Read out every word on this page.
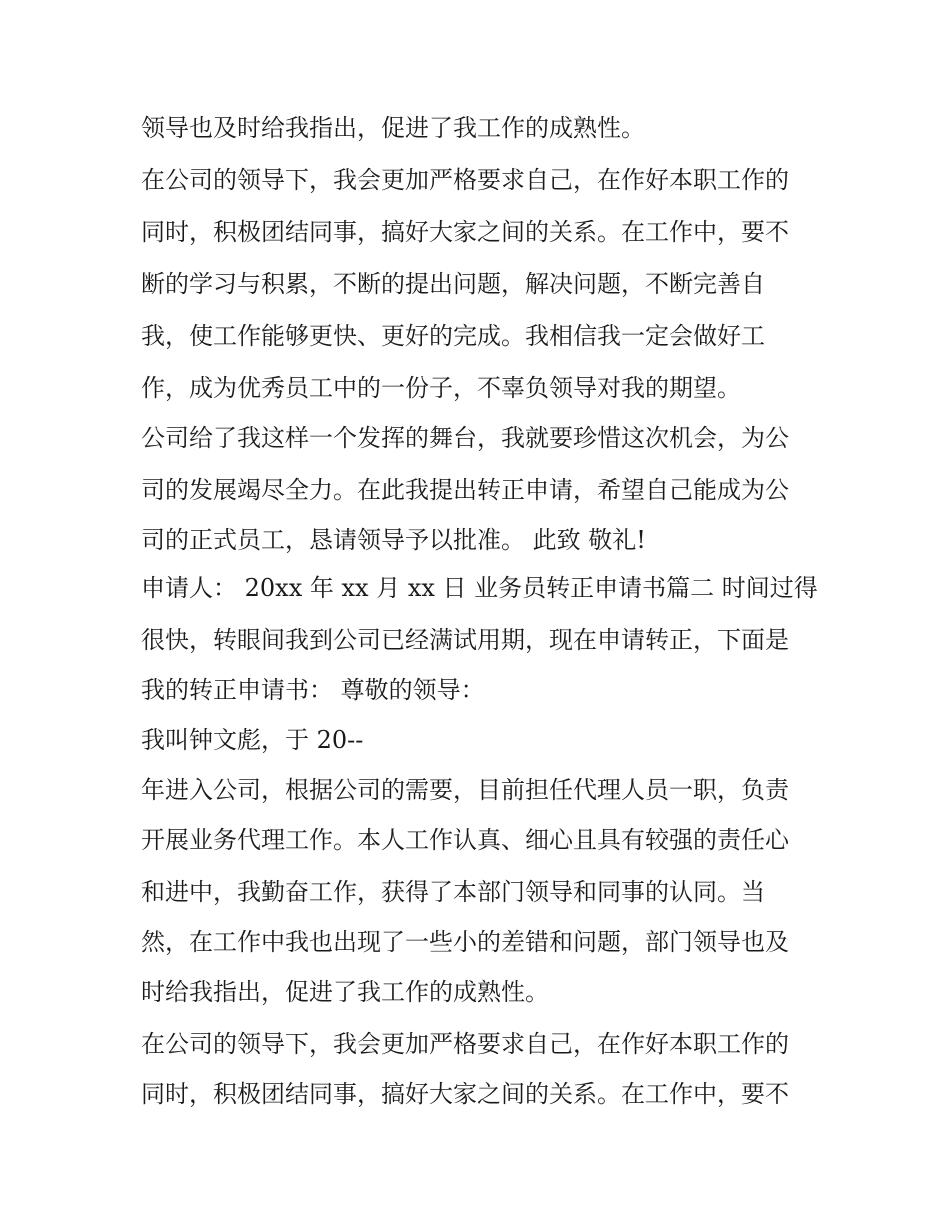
领导也及时给我指出，促进了我工作的成熟性。
在公司的领导下，我会更加严格要求自己，在作好本职工作的
同时，积极团结同事，搞好大家之间的关系。在工作中，要不
断的学习与积累，不断的提出问题，解决问题，不断完善自
我，使工作能够更快、更好的完成。我相信我一定会做好工
作，成为优秀员工中的一份子，不辜负领导对我的期望。
公司给了我这样一个发挥的舞台，我就要珍惜这次机会，为公
司的发展竭尽全力。在此我提出转正申请，希望自己能成为公
司的正式员工，恳请领导予以批准。 此致 敬礼!
申请人： 20xx 年 xx 月 xx 日 业务员转正申请书篇二 时间过得
很快，转眼间我到公司已经满试用期，现在申请转正，下面是
我的转正申请书： 尊敬的领导：
我叫钟文彪，于 20--
年进入公司，根据公司的需要，目前担任代理人员一职，负责
开展业务代理工作。本人工作认真、细心且具有较强的责任心
和进中，我勤奋工作，获得了本部门领导和同事的认同。当
然，在工作中我也出现了一些小的差错和问题，部门领导也及
时给我指出，促进了我工作的成熟性。
在公司的领导下，我会更加严格要求自己，在作好本职工作的
同时，积极团结同事，搞好大家之间的关系。在工作中，要不
